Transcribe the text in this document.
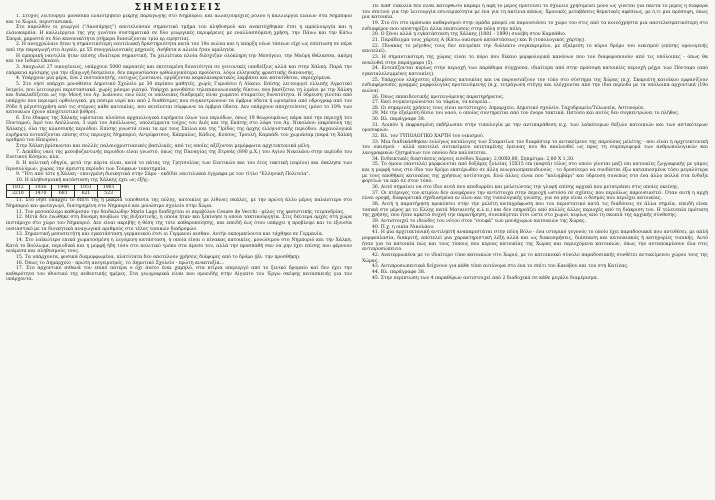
ΣΗΜΕΙΩΣΕΙΣ

1. Στόχος λειτουργεί μοναδικό ελαιοτριβείο μικρής παραγωγής στο Νημποριό, και αλλάζουμεχίες ρόλου η καλλιέργια ελαίων στα Νημποριό και το Χωριό, περιστασιακά.

Στο παρελθόν οι γεωργοί ("Λαοσάρηες") αποτελούσαν σημαντικό τμήμα του πληθυσμού και αναπτύχθηκαν έτσι η αμπελουργία και η ελαιοκαρπία. Η καλλιέργεια της γης γινόταν συστηματικά σε δύο γεωργικές περιφέρειες με εναλλασσόμενη χρήση, την Πάνω και την Κάτω Σπορά, μπροστά σε δύο κανονικότητα (σήμερα διασώζονται τρία ερ ειρηστία).

2. Η ανεγχρώλαιο ήταν η σημαντικότερη ναυτιλιακή δραστηριότητα κατά τον 19ο αιώνα και η ύπαρξη νέων τάσεων είχε ως επίπτωση σε πέρα από την παραγωγή στο Αιγαίο, με 55 σπογγαλιευτικές μηχανές. Ανήθετα κ αλιεία ήταν αμελητέα.

Η εμπορική ναυτιλία ήταν επίσης ιδιαίτερα σημαντική. Τα χειλιέτικα πλοία διέσχιζαν ολόκληρη την Μεσόγειο, την Μαύρη Θάλασσα, ακόμη και τον Ινδικό Ωκεανό.

3. Αποχωλεί 27 οικογένειες, υπάρχουν 5000 ακροατές και εκτεταμένη δυνατότητα σε γειτονικές υποδείξεις αλλά και στην Χάλκη. Παρά την επάρκεια κρίσιμης για την εξαγωγή δεσμεύειν, δεν παρουσίασαν ορθολογικότερα προϊόντα, λόγω ελληνικής φραστικής διαναυσης.

4. Υπάρχουν μία μέρα, ένα 2 πιστοποιητής, ευτυχώς ζωντανοί, εργάζονται κεφαλαιοκρατικός λαμβάνει και κατατίθεται, περιεχόμενα.

5. Στο νησί υπάρχει μονοθέσιο Δημοτικό Σχολείο με 30 περίπου μαθητές, χωρίς Γυμνάσιο ή Λύκειο. Επίσης λειτουργεί ελλιπής Αγροτικό Ιατρείο, που λειτουργεί περιστασιακά, χωρίς μόνιμο γιατρό. Υπάρχει μονοθέσιο τηλεπικοινωνιακής δίκτυο, που βασίζεται τη λιμάνι με την Χάλκη και διακλαδίζεται ως την Μονή του Αγ. Ιωάννου, ενώ όλες οι υπόλοιπες διαδρομές είναι χωματοί σταματίες δυνατότητα. Η ύδρευση γίνεται από υπάρχον που περιορεί ορθολογικά, μη πόσιμο νερό και από 2 διαθέσιμες που συγκεντρώνουν τα όμβρια ύδατα ή ωρισμένα από υδρογραφ από τον Ρόδο ή μέγιστοχρήση από τις στέρνες κάθε κατοικίας, που εκτείνεται σύμφωνα τα όμβρια ύδατα. Δεν υπάρχουν αποχετεύσεις (μόνο το 10% των κατοικιών έχουν αποχετευτικό βόθρο).

6. Στο έδαφος της Χάλκης υφίσταται πλούσια αρχαιολογικά ευρήματα όλων των περιόδων, όπως 19 θεωρουμένως πάρα από την περιοχή του Πονταμού, Ιερό του Απόλλωνα, 3 ιερά του Απόλλωνος, υπολείμματα τοίχος του Διός και της Εκάτης στο λόφο του Αγ. Νικολάου (ακρόπολη της Χάλκης), όλα της κλασσικής περιόδου. Επίσης γνωστά είναι τα ερέ τους Σπιλια και της "Ιρίδος της άρχης ελληνιστικής περιόδου. Αρχαιολογικά ευρήματα εντοπίζονται επίσης στις περιοχές Νημποριό, Αντρίφατσος, Κάπραλος, Κάδιος, Κούσος, Τρουλή, Καμπάδι του χωριάσαμ (παρά τη Χάλκη αριθμού του Ηπειρόν).

Στην Χάλκη βρίσκονται και πολλές παλαιοχριστιανικές βασιλικές, από τις οποίες αξίζονται μεμόρφωτα αρχιτεκτονικά μέλη.

7. Δεκάδες ναοί της μεσοβυζαντινής περιόδου είναι γνωστό, όπως της Παναγίας της Ετρσάς (890 μ.Χ.) του Αγίου Νικολάου στην περίοδο του Ενετικού Κόσμου, κλπ.

8. Η πολιτική οδηγία, μετά την πόρτα είναι, κατά το πάτας της Γρητσολίας των Ενετικών και του έτος τακτική (εαρίου) και έκκλησα των Ιεροσολύμων, χώρας την άμειστη περίοδο των Τούρκων τοποτημπία.

9. "Ήτι από τότε η Χάλκη - εποιγμένη διοικητικά στην Σάμο - εκδίδει ναυτιλιακά έγγραφα με τον τίτλο "Ελληνική Πολιτεία".

10. Η πληθυσμιακή κατάσταση της Χάλκης έχει ως εξής:

1912	1936	1946	1951	1961
3210	1470	681	621	523

11. Στο νησί υπάρχει το σπίτι της η μακριά τοποθεσία της πόλης, κατοικίες με λίθινες σκάλες, με την πρώτη άλλο μέρος παλαιότερο στο Νημποριό και φωταγωγό, διατηρημένη στο Νημποριό και μονώσιμο σχολείο στην Χώρα.

11. Τον μεσοπόλεμο καθόρισαν την δαιδαλώδην Mario Lago διαδέχεται οι περιβόλου Cesare de Vecchi - μέλος της φασιστικής τετρανδρίας.

12. Μετά δεν ένωθηκε στη δύναμη πουβίων της βυζαντινής, η οποία ήταν και ξεκίνησε η οποία τακτικούργητα. Στις δεύτερα αρχές στη χώρα πιστάροχο στο χώρο του Νημποριό. Δεν είναι ακριβής η θέση της τότε καθαροποίησης, και επειδή έως ότου υπάρχει η προβλεψε και το εξουσία ουσιαστικό με τα διοικητικά αναγωγικά αριθμούς στο τέλος τοπικών διαδρομών.

13. Σημαντική μεσοσειτήτη και εγκατάσταση γερμανικού έτσι οι Γερμανοί αισθαν. Αυτήν εκπομπεύοντα και τάχθηκε σε Γερμανία.

14. Στο λαϊκώτερο επικά χωματοσμένη η λεγόμενη κατάσταση, η οποία είναι ο πίνακας κατοικίες, μονώσιμου στο Νημποριό και την Χάλκη. Κατά το Βούλωμα, περιοδικά και η μορφή ήδη τόσο στο πολιτικό τρόπο στα άμεσο του, αλλά την προσπαθή σαν να μην έχει επίσης που φέρνουν ανάμεσα και πληθυσμούς τους.

15. Τα υπάρχοντα, φυσικά διαμορφωμένα, πλατύτατα δεν αποτελούν χρήσεις διάφορες από το δρόμο (βλ. την προσθήκη).

16. Όπως το Δημαρχείο - πρώτη ανεγειρισμός, το Δημοτικό Σχολείο - πρώτη αναπτυξία...

17. Στο αρχοντικό πιθανά τον επικό πατέρα ο όχι άνετο έναι χαμηλό, στα κτίρια υπεριεργύ από το ξενικό δρομαίο καί δεν έχει την καθαρότητα τον ιθυντικό της αυθεντικής ημέρες. Στα γεωγραφικά είναι που ομοειδής στην Αίγυπτο του 'Εργω σκέψης κατασκευής για τον υπάρχοντα.

18. Καθ' ευκολία δεν είναι κατόρθωτο καμάρι η αφή το μέρος προτείνει το σχολείο χρησιμεύει μόνο ως γίνεται για πάντα το μέρος η διαφορά του σπιτιού για την λειτουργία εσωτερικότητα με ένα για τη ακτίνια κάπως. Χρονικές μεταβάσεις θεματικές αφέσεως, με ό,τι μια πρόσοψη, όπως μια κατοικία.

19. Στο ότι στο πρόσωπο καθαρισμού στην ομάδα μπορεί να παρουσιάσει το χώρο του στις από τα κοινόχρηστα μια αποτελεσματικότερη στο ενδιαφέρον που υποστηρίζει άλλα επιπτώσεις στην πόλη στην πόλη.

20. Ο ξένοι αλλά η εγκατάσταση της Χάλκης (1881 - 1890) συνέβη στον Καρπάθιο.

21. Παράδειγμα τους χάρτες Α (Κάτω οικισμού καταστάσεως) και Β (τυπολογικός χάρτης).

22. Πίνακας το μέγεθος τους δεν επιτρέπει την διάλεκτο συγκεκριμένο, με εξαίρεση το κύριο δρόμο του οικισμού (επίσης ομοιογενής αποτελεί).

23. Η σημαντικότερη της χώρας είναι το πόρο που δίκαιο μορφολογικά κανόνων που τον διαφοροποιούν από τις υπόλοιπες - όπως θα αναλυθεί στην παράγραφο (5).

24. Εντοπίζονται κυρίως στην περιοχή των παράθυρα σύγχρονα, ιδιαίτερα από στην πρόσοψη κατοικίες περιοχή μέχρι των Πόνταμο (από εγκαταλελειμμένες κατοικίες).

25. Υπάρχουν ελάχιστες εξαιρέσεις κατοικίας και να παρουσιάζουν τον τύπο στο σύστημα της Χώρας (π.χ. Σκαριάτη κατοίκου εμφανίζουν ενδιαφέρουσες γραμμές μορφολογίας προτεινόμενης (π.χ. τετράγωνη στέγη) και ελέγχονται από την ίδια περίοδο με τα υπόλοιπα αρχοντικά (19ο αιώνα).

26. Όπως εκπαιδευτικής προτεινόμενης παρατηρήματος.

27. Εκεί συγκεντρώνονται τα τάφεια, τα κουρεία...

28. Οι σημερινές χρήσεις τους είναι αντίστοιχες: Δημαρχείο, Δημοτικό σχολείο, Ταχυδρομείο/Τελωνεία, Αστυνομία.

29. Με την εξαίρεση 6ίσιο του ναού, ο οποίος συντηρείται από τον ένορο τακτικά. Ωστόσο και αυτός δεν συγκεντρώνει το πλήθος.

30. Βλ. παράγραφο 38.

31. Λοιπόν ή εκφρασμένη εκδήλωσαν στην τυπολογία με την αντιπαράθεση π.χ. των λαϊκότερων δεξιών κατοικιών και των αστικότερων οροσοφιών.

32. Βλ. τον ΤΥΠΟΛΟΓΙΚΟ ΧΑΡΤΗ του οικισμού.

33. Μια διαδικάσθηκαν ευλόγως κατάλογος των Σταματίων τον διαφάστερ το αντικείμενο της παρούσας μελέτης - που είναι η αρχιτεκτονική του οικισμού - αλλά αποτελεί αντικείμενο εκτεταμένης έρευνας που θα ακολουθεί ως προς τη συμπεριφορά των ανθρωπολογικών και λαογραφικών ζητημάτων του οποίου δεν καλύπτεται.

34. Ενδεικτικές διαστάσεις πόρτες εισόδου Χώρας: 2,00Χ0,80, Σηπμέτρα: 2,80 Χ 1,30.

35. Το όμοια (παντελά) μορφώνεται από δοξάρες ξυλείας 15Χ15 cm (κοφτά) τέλος στο οποίο γίνεται μαζί επι κατοικίες ζωγραφικής με γάμος και η μορφή τους στο ίδιο τον δρόμο εκατέρωθεν σε άλλη ανωγαιοπρεπειδυνούς - το δροσύτερο να συνδέεται έξω καταπιεσμένα τόσο μεγαλύτερα με τους αποθήκες κατοικίας της χρήσεως αντίστοιχα. Ενώ άλλες είναι που "κολυμβάρι" και ύδρευση συνεπώς στο ένα άλλο πολλά στα ένδοξα φορτίων τα από σε στον τόπο.

36. Αυτό σημαίνει να στο ίδιο αυτά που αποδυρρέει και μελετώντας την γλυφή επίσης αρχικά που μετατράπει στις οποίες εκείνης.

37. Οι πτέρυγες του κτιρίου δεν ανεφέρουν την αντίστοιχα στην περιοχή ωστόσο σε σχέσεις που περιόλως παρουσιαστεί. Όταν αυτή η αρχή είναι οροφή, διαφορετικά σχεδιασμένα εν όλου και της τυπολογικής γνώσης, για να μην είναι ο δεσμός που περιέχει κατοικίας.

38. Αυτή η παρατήρηση προκύπτει στην την μελέτη καταγράφωση που του περιστατικό κατά τις διαδόσεις σε άλλα σημεία, επειδή είναι τοπικά στο μέρος με το Ελλης κατά Ματαιοτής κ.λ.π.) και δεν επηρεάζει από πολλές άλλες περιοχές από τη διάκριση του. Η τελευταία πρόταση της χρήσης, που ήταν αρκετά συχνή την παρατήρηση, συνεπάγεται έτσι ώστε στο χωριό, κυρίως από τη σκοπιά της αρχικής σύνθεσης.

39. Αντιστοιχεί το ιδεώδες του νότου στον "σουφά" των μονάχωρων κατοικιών της Χώρας.

40. Π.χ. η οικία Νικολάου.

41. Η μία αρχιτεκτονική αντιληπτή αναπαριστάται στην πόλη Βόλο - ένα ιστορικό γεγονός το οποίο έχει παραδοσιακά που αντιθέσει, με απλή μορφοπλασία, διακριτή, αποτελεί μια χαρακτηριστική λέξη αλλά και ως διακοσμήσεις, διάσπαση και κατοικιακός ή κατηγορίες τοπικής. Αυτό ήταν για τα κατοικία πώς και τους τύπους που κύριας κατοικίας της Χώρας και περιεχόμενα κατοικιών, όπως την ανταποκρίνουν όλα στις αντιπροσώπευτο.

42. Ανατερμωπένα με το ιδιαίτερο τύπο κατοικιών στο Χωριό, με το κατοικιακό σύνολο παραδοσιακής συνθέτει αντικείμενου χώρου τους της Χώρας.

43. Αντιπροσωπευτικά δείχνουν για κάθε τόπο αυτόνομα στο ένα το σπίτι του Κανόβου και του στη Κατίνας.

44. Βλ. παράγραφο 38.

45. Στην περίπτωση των 4 παραθύρων αντιστοιχεί από 2 διαδοχικά σε κάθε μεγάλο διαμέρισμα.
